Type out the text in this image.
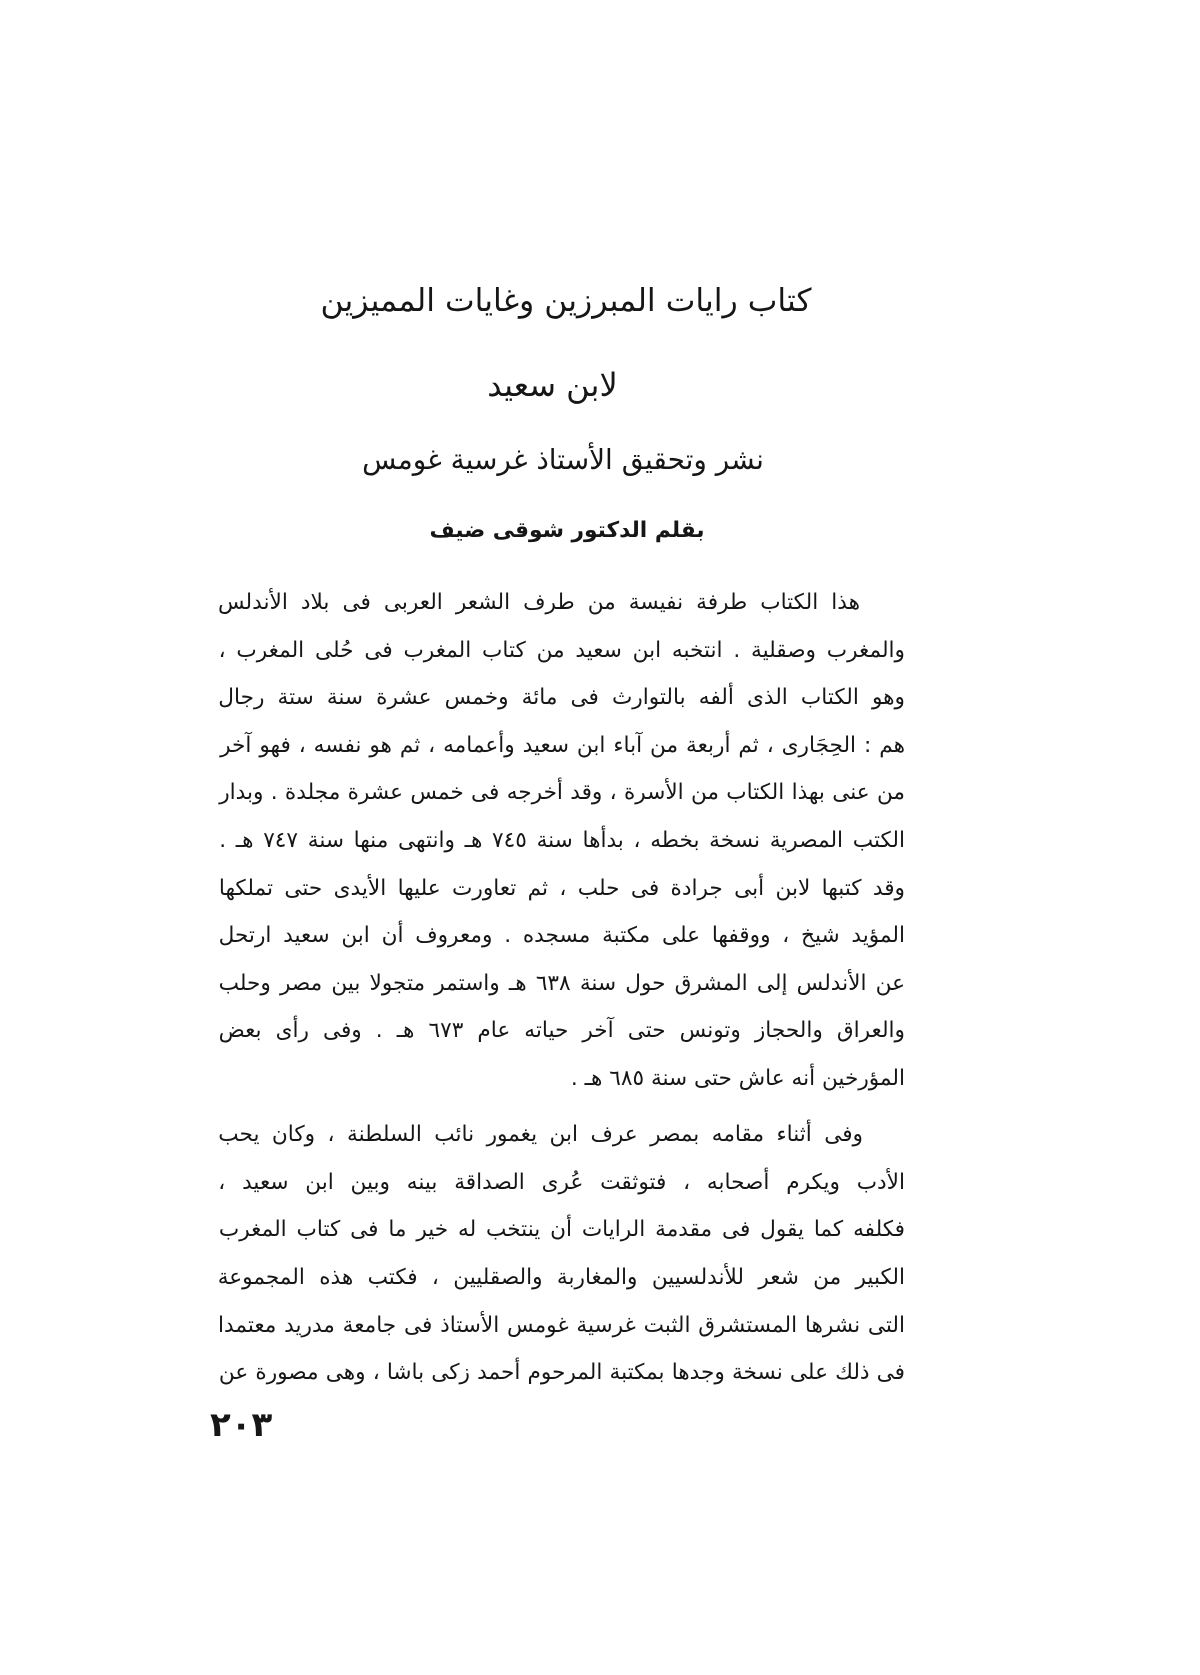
كتاب رايات المبرزين وغايات المميزين
لابن سعيد
نشر وتحقيق الأستاذ غرسية غومس
بقلم الدكتور شوقى ضيف
هذا الكتاب طرفة نفيسة من طرف الشعر العربى فى بلاد الأندلس
والمغرب وصقلية . انتخبه ابن سعيد من كتاب المغرب فى حُلى المغرب ،
وهو الكتاب الذى ألفه بالتوارث فى مائة وخمس عشرة سنة ستة رجال
هم : الحِجَارى ، ثم أربعة من آباء ابن سعيد وأعمامه ، ثم هو نفسه ، فهو آخر
من عنى بهذا الكتاب من الأسرة ، وقد أخرجه فى خمس عشرة مجلدة . وبدار
الكتب المصرية نسخة بخطه ، بدأها سنة ٧٤٥ هـ وانتهى منها سنة ٧٤٧ هـ .
وقد كتبها لابن أبى جرادة فى حلب ، ثم تعاورت عليها الأيدى حتى تملكها
المؤيد شيخ ، ووقفها على مكتبة مسجده . ومعروف أن ابن سعيد ارتحل
عن الأندلس إلى المشرق حول سنة ٦٣٨ هـ واستمر متجولا بين مصر وحلب
والعراق والحجاز وتونس حتى آخر حياته عام ٦٧٣ هـ . وفى رأى بعض
المؤرخين أنه عاش حتى سنة ٦٨٥ هـ .
وفى أثناء مقامه بمصر عرف ابن يغمور نائب السلطنة ، وكان يحب
الأدب ويكرم أصحابه ، فتوثقت عُرى الصداقة بينه وبين ابن سعيد ،
فكلفه كما يقول فى مقدمة الرايات أن ينتخب له خير ما فى كتاب المغرب
الكبير من شعر للأندلسيين والمغاربة والصقليين ، فكتب هذه المجموعة
التى نشرها المستشرق الثبت غرسية غومس الأستاذ فى جامعة مدريد معتمدا
فى ذلك على نسخة وجدها بمكتبة المرحوم أحمد زكى باشا ، وهى مصورة عن
٢٠٣
